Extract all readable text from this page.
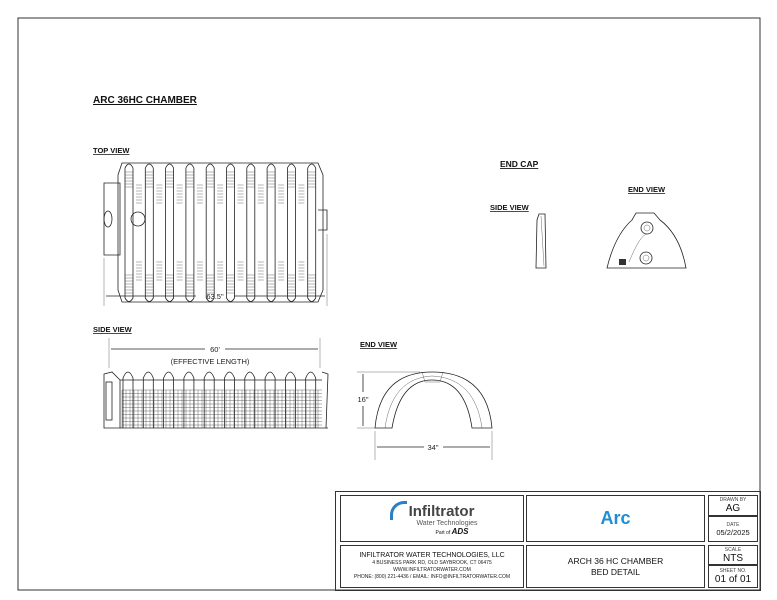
ARC 36HC CHAMBER
TOP VIEW
63.5"
SIDE VIEW
60'
(EFFECTIVE LENGTH)
END VIEW
16"
34"
END CAP
SIDE VIEW
END VIEW
Infiltrator
Water Technologies
Part of ADS
Arc
INFILTRATOR WATER TECHNOLOGIES, LLC
4 BUSINESS PARK RD, OLD SAYBROOK, CT 06475
WWW.INFILTRATORWATER.COM
PHONE: (800) 221-4436 / EMAIL: INFO@INFILTRATORWATER.COM
ARCH 36 HC CHAMBER
BED DETAIL
DRAWN BY
AG
DATE
05/2/2025
SCALE
NTS
SHEET NO.
01 of 01
